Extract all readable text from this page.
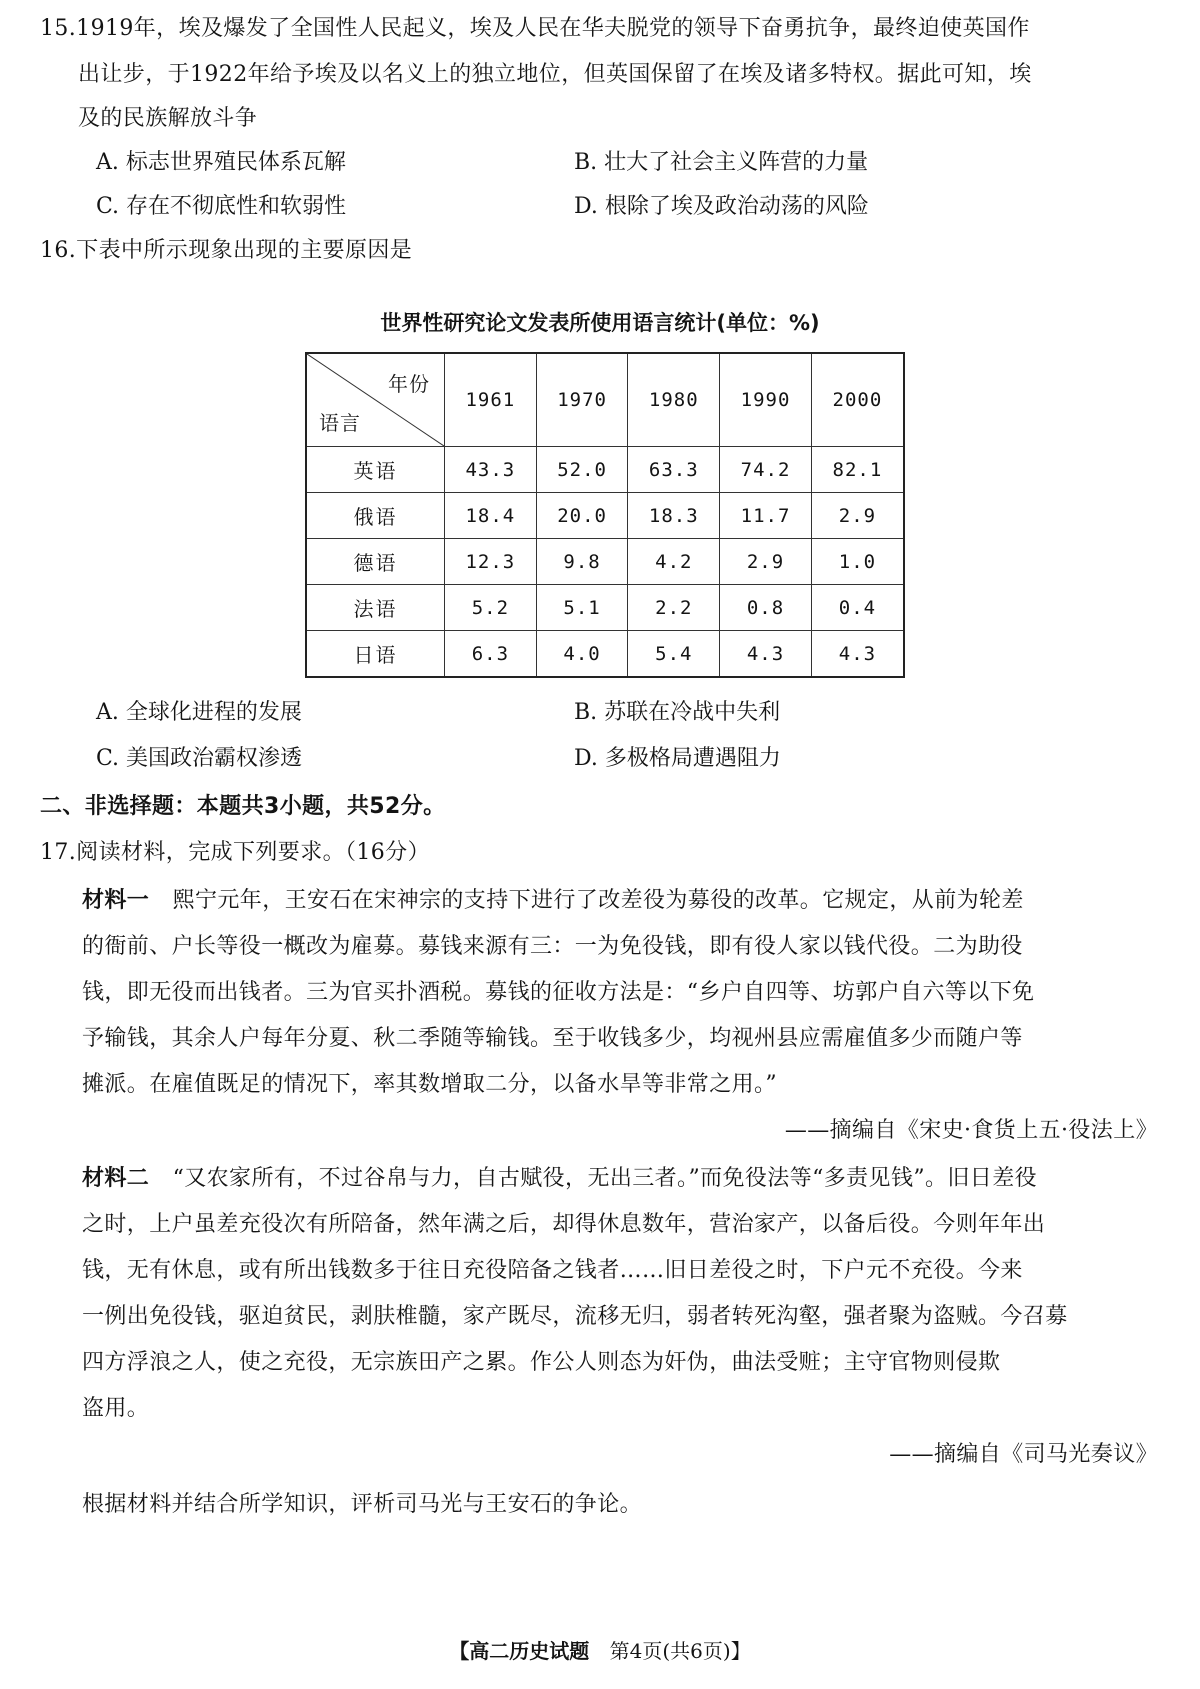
15.1919年，埃及爆发了全国性人民起义，埃及人民在华夫脱党的领导下奋勇抗争，最终迫使英国作
出让步，于1922年给予埃及以名义上的独立地位，但英国保留了在埃及诸多特权。据此可知，埃
及的民族解放斗争
A. 标志世界殖民体系瓦解	B. 壮大了社会主义阵营的力量
C. 存在不彻底性和软弱性	D. 根除了埃及政治动荡的风险
16.下表中所示现象出现的主要原因是
世界性研究论文发表所使用语言统计(单位：%)
年份
语言	1961	1970	1980	1990	2000
英语	43.3	52.0	63.3	74.2	82.1
俄语	18.4	20.0	18.3	11.7	2.9
德语	12.3	9.8	4.2	2.9	1.0
法语	5.2	5.1	2.2	0.8	0.4
日语	6.3	4.0	5.4	4.3	4.3
A. 全球化进程的发展	B. 苏联在冷战中失利
C. 美国政治霸权渗透	D. 多极格局遭遇阻力
二、非选择题：本题共3小题，共52分。
17.阅读材料，完成下列要求。（16分）
材料一 熙宁元年，王安石在宋神宗的支持下进行了改差役为募役的改革。它规定，从前为轮差
的衙前、户长等役一概改为雇募。募钱来源有三：一为免役钱，即有役人家以钱代役。二为助役
钱，即无役而出钱者。三为官买扑酒税。募钱的征收方法是：“乡户自四等、坊郭户自六等以下免
予输钱，其余人户每年分夏、秋二季随等输钱。至于收钱多少，均视州县应需雇值多少而随户等
摊派。在雇值既足的情况下，率其数增取二分，以备水旱等非常之用。”
——摘编自《宋史·食货上五·役法上》
材料二 “又农家所有，不过谷帛与力，自古赋役，无出三者。”而免役法等“多责见钱”。旧日差役
之时，上户虽差充役次有所陪备，然年满之后，却得休息数年，营治家产，以备后役。今则年年出
钱，无有休息，或有所出钱数多于往日充役陪备之钱者……旧日差役之时，下户元不充役。今来
一例出免役钱，驱迫贫民，剥肤椎髓，家产既尽，流移无归，弱者转死沟壑，强者聚为盗贼。今召募
四方浮浪之人，使之充役，无宗族田产之累。作公人则态为奸伪，曲法受赃；主守官物则侵欺
盗用。
——摘编自《司马光奏议》
根据材料并结合所学知识，评析司马光与王安石的争论。
【高二历史试题 第4页(共6页)】
